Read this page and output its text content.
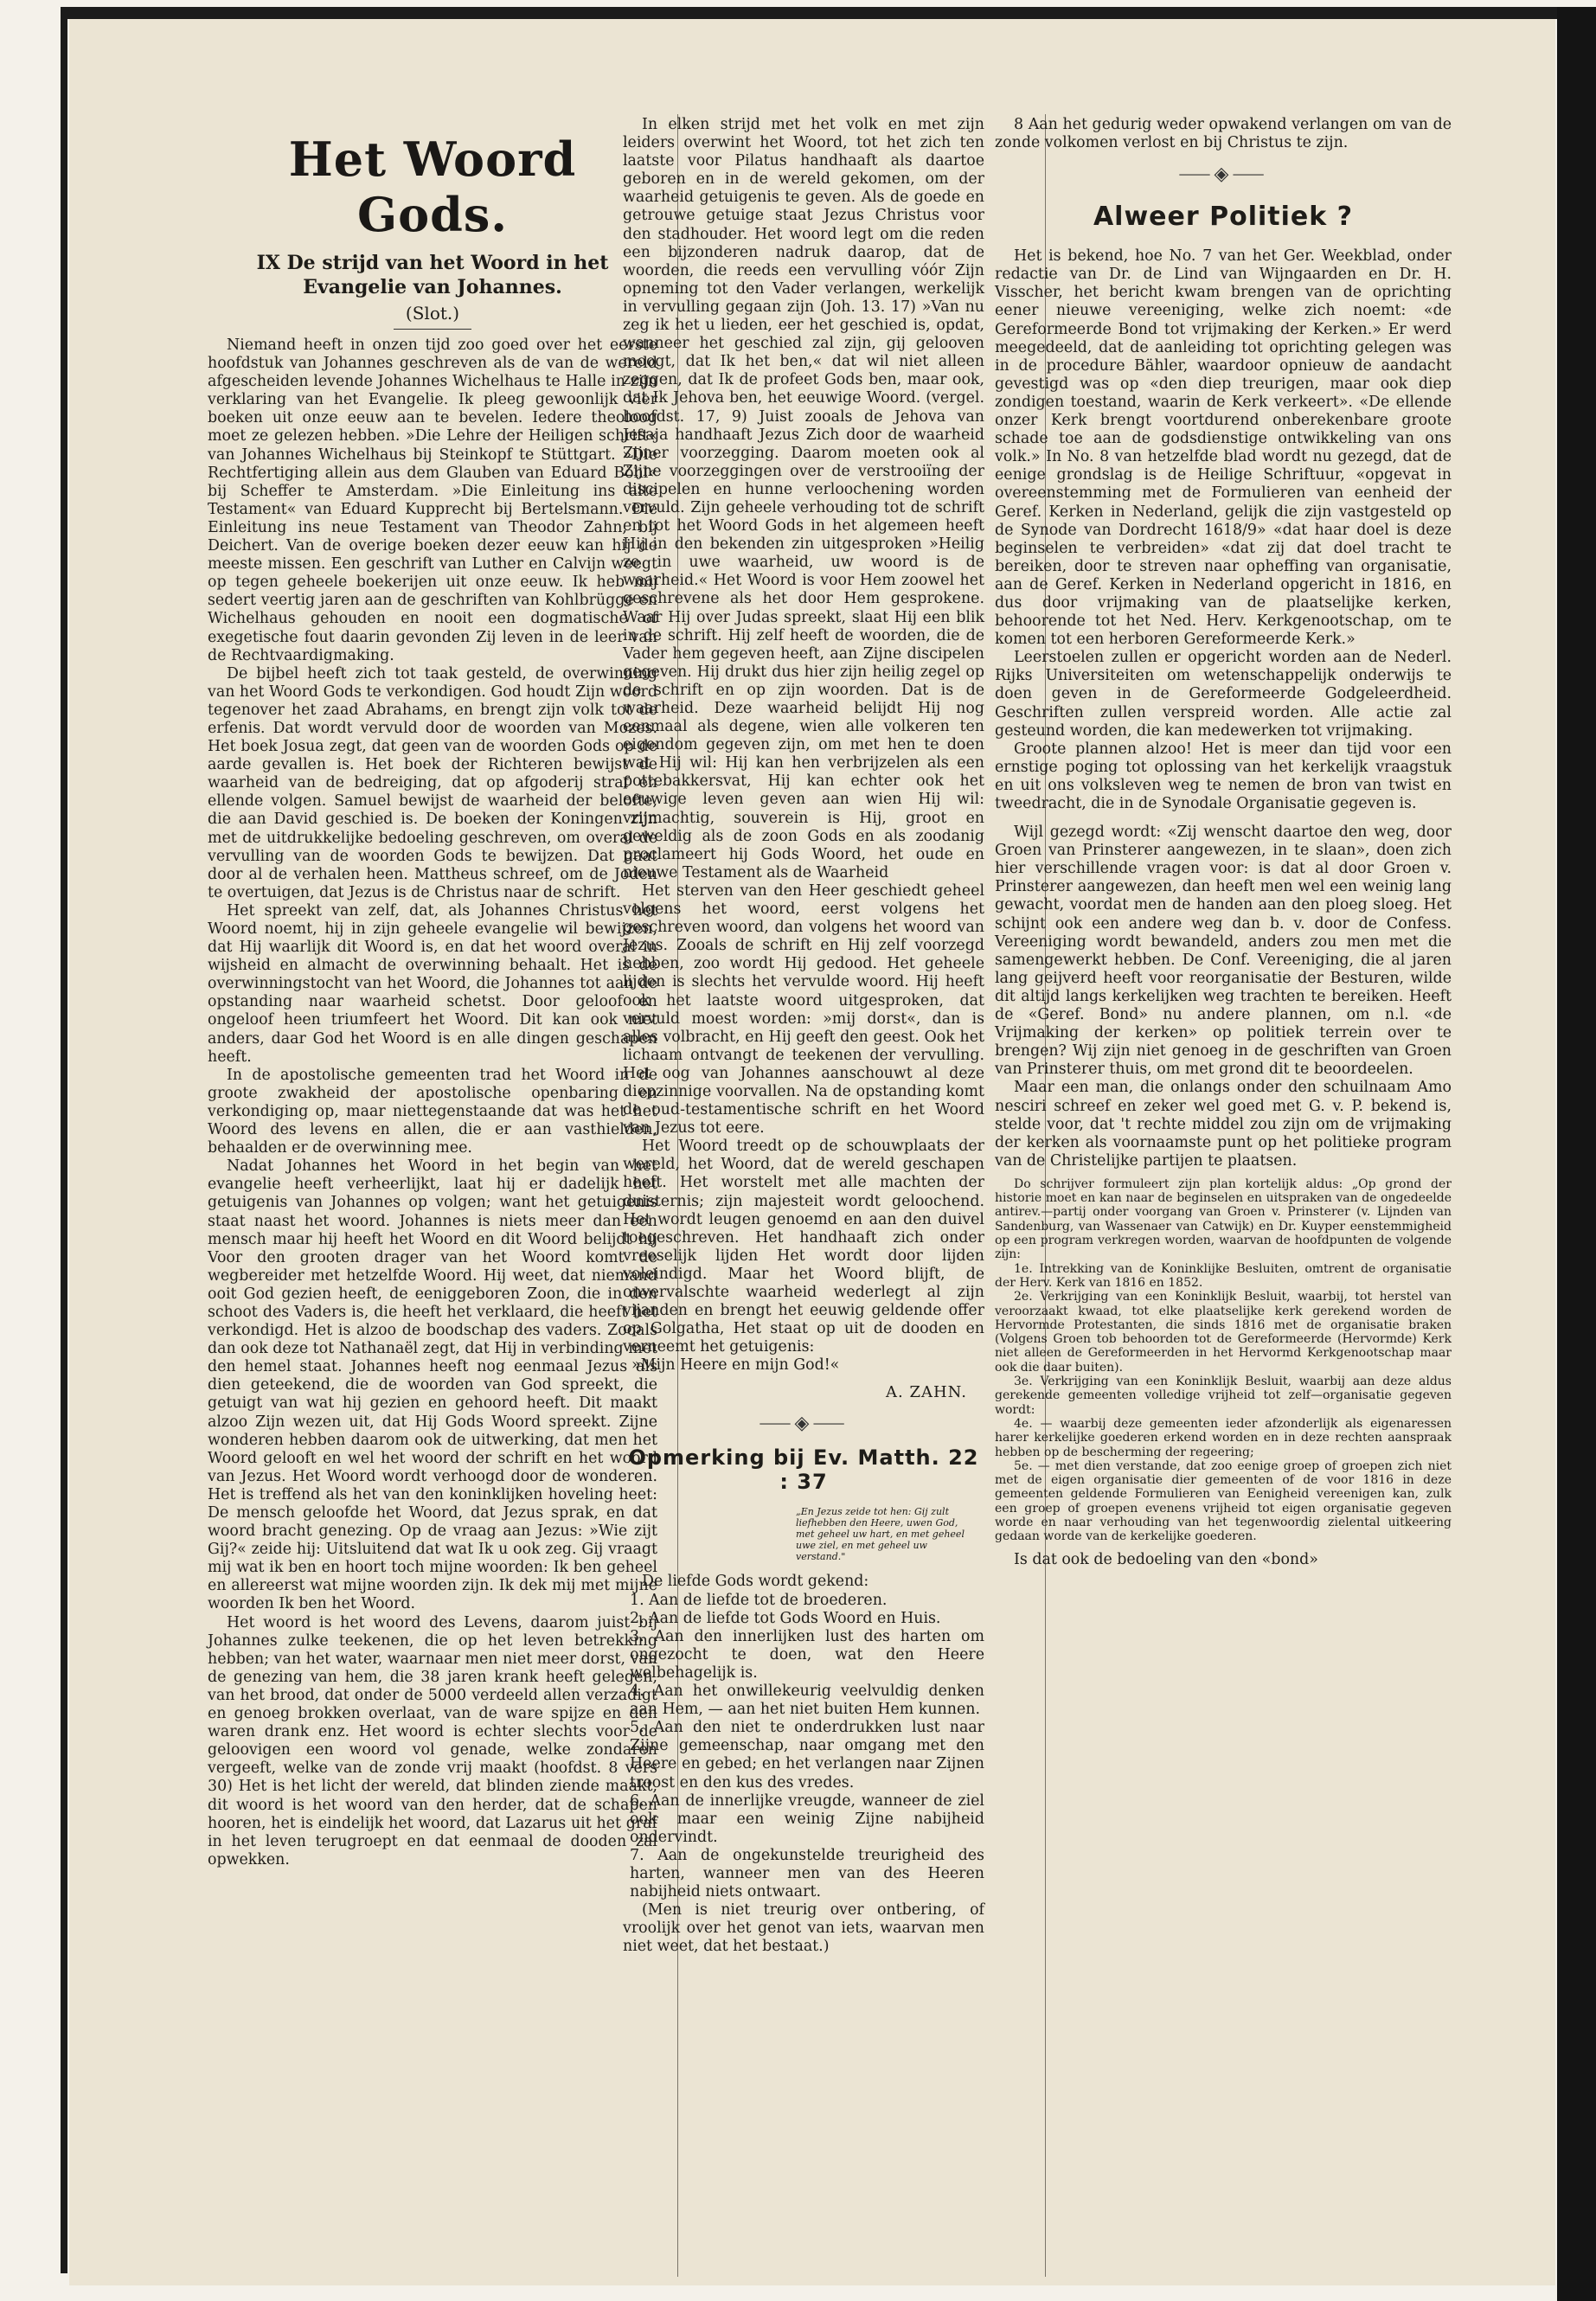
Het Woord Gods.
IX De strijd van het Woord in het Evangelie van Johannes.
(Slot.)

Niemand heeft in onzen tijd zoo goed over het eerste hoofdstuk van Johannes geschreven als de van de wereld afgescheiden levende Johannes Wichelhaus te Halle in zijn verklaring van het Evangelie. Ik pleeg gewoonlijk vier boeken uit onze eeuw aan te bevelen. Iedere theoloog moet ze gelezen hebben. »Die Lehre der Heiligen schrift« van Johannes Wichelhaus bij Steinkopf te Stüttgart. »Die Rechtfertiging allein aus dem Glauben van Eduard Böhl« bij Scheffer te Amsterdam. »Die Einleitung ins alte Testament« van Eduard Kupprecht bij Bertelsmann. Die Einleitung ins neue Testament van Theodor Zahn, bij Deichert. Van de overige boeken dezer eeuw kan hij de meeste missen. Een geschrift van Luther en Calvijn weegt op tegen geheele boekerijen uit onze eeuw. Ik heb mij sedert veertig jaren aan de geschriften van Kohlbrügge en Wichelhaus gehouden en nooit een dogmatische of exegetische fout daarin gevonden Zij leven in de leer van de Rechtvaardigmaking.

De bijbel heeft zich tot taak gesteld, de overwinning van het Woord Gods te verkondigen. God houdt Zijn woord tegenover het zaad Abrahams, en brengt zijn volk tot de erfenis. Dat wordt vervuld door de woorden van Mozes. Het boek Josua zegt, dat geen van de woorden Gods op de aarde gevallen is. Het boek der Richteren bewijst de waarheid van de bedreiging, dat op afgoderij straf en ellende volgen. Samuel bewijst de waarheid der belofte, die aan David geschied is. De boeken der Koningen zijn met de uitdrukkelijke bedoeling geschreven, om overal de vervulling van de woorden Gods te bewijzen. Dat gaat door al de verhalen heen. Mattheus schreef, om de Joden te overtuigen, dat Jezus is de Christus naar de schrift.

Het spreekt van zelf, dat, als Johannes Christus het Woord noemt, hij in zijn geheele evangelie wil bewijzen, dat Hij waarlijk dit Woord is, en dat het woord overal in wijsheid en almacht de overwinning behaalt. Het is de overwinningstocht van het Woord, die Johannes tot aan de opstanding naar waarheid schetst. Door geloof en ongeloof heen triumfeert het Woord. Dit kan ook niet anders, daar God het Woord is en alle dingen geschapen heeft.

In de apostolische gemeenten trad het Woord in de groote zwakheid der apostolische openbaring en verkondiging op, maar niettegenstaande dat was het het Woord des levens en allen, die er aan vasthielden, behaalden er de overwinning mee.

Nadat Johannes het Woord in het begin van het evangelie heeft verheerlijkt, laat hij er dadelijk het getuigenis van Johannes op volgen; want het getuigenis staat naast het woord. Johannes is niets meer dan een mensch maar hij heeft het Woord en dit Woord belijdt hij Voor den grooten drager van het Woord komt de wegbereider met hetzelfde Woord. Hij weet, dat niemand ooit God gezien heeft, de eeniggeboren Zoon, die in den schoot des Vaders is, die heeft het verklaard, die heeft het verkondigd. Het is alzoo de boodschap des vaders. Zooals dan ook deze tot Nathanaël zegt, dat Hij in verbinding met den hemel staat. Johannes heeft nog eenmaal Jezus als dien geteekend, die de woorden van God spreekt, die getuigt van wat hij gezien en gehoord heeft. Dit maakt alzoo Zijn wezen uit, dat Hij Gods Woord spreekt. Zijne wonderen hebben daarom ook de uitwerking, dat men het Woord gelooft en wel het woord der schrift en het woord van Jezus. Het Woord wordt verhoogd door de wonderen. Het is treffend als het van den koninklijken hoveling heet: De mensch geloofde het Woord, dat Jezus sprak, en dat woord bracht genezing. Op de vraag aan Jezus: »Wie zijt Gij?« zeide hij: Uitsluitend dat wat Ik u ook zeg. Gij vraagt mij wat ik ben en hoort toch mijne woorden: Ik ben geheel en allereerst wat mijne woorden zijn. Ik dek mij met mijne woorden Ik ben het Woord.

Het woord is het woord des Levens, daarom juist bij Johannes zulke teekenen, die op het leven betrekking hebben; van het water, waarnaar men niet meer dorst, van de genezing van hem, die 38 jaren krank heeft gelegen, van het brood, dat onder de 5000 verdeeld allen verzadigt en genoeg brokken overlaat, van de ware spijze en den waren drank enz. Het woord is echter slechts voor de geloovigen een woord vol genade, welke zondaren vergeeft, welke van de zonde vrij maakt (hoofdst. 8 vers 30) Het is het licht der wereld, dat blinden ziende maakt, dit woord is het woord van den herder, dat de schapen hooren, het is eindelijk het woord, dat Lazarus uit het graf in het leven terugroept en dat eenmaal de dooden zal opwekken.

In elken strijd met het volk en met zijn leiders overwint het Woord, tot het zich ten laatste voor Pilatus handhaaft als daartoe geboren en in de wereld gekomen, om der waarheid getuigenis te geven. Als de goede en getrouwe getuige staat Jezus Christus voor den stadhouder. Het woord legt om die reden een bijzonderen nadruk daarop, dat de woorden, die reeds een vervulling vóór Zijn opneming tot den Vader verlangen, werkelijk in vervulling gegaan zijn (Joh. 13. 17) »Van nu zeg ik het u lieden, eer het geschied is, opdat, wanneer het geschied zal zijn, gij gelooven moogt, dat Ik het ben,« dat wil niet alleen zeggen, dat Ik de profeet Gods ben, maar ook, dat Ik Jehova ben, het eeuwige Woord. (vergel. hoofdst. 17, 9) Juist zooals de Jehova van Jesaja handhaaft Jezus Zich door de waarheid Zijner voorzegging. Daarom moeten ook al Zijne voorzeggingen over de verstrooiïng der discipelen en hunne verloochening worden vervuld. Zijn geheele verhouding tot de schrift en tot het Woord Gods in het algemeen heeft Hij in den bekenden zin uitgesproken »Heilig ze in uwe waarheid, uw woord is de waarheid.« Het Woord is voor Hem zoowel het geschrevene als het door Hem gesprokene. Waar Hij over Judas spreekt, slaat Hij een blik in de schrift. Hij zelf heeft de woorden, die de Vader hem gegeven heeft, aan Zijne discipelen gegeven. Hij drukt dus hier zijn heilig zegel op de schrift en op zijn woorden. Dat is de waarheid. Deze waarheid belijdt Hij nog eenmaal als degene, wien alle volkeren ten eigendom gegeven zijn, om met hen te doen wat Hij wil: Hij kan hen verbrijzelen als een pottebakkersvat, Hij kan echter ook het eeuwige leven geven aan wien Hij wil: vrijmachtig, souverein is Hij, groot en geweldig als de zoon Gods en als zoodanig proclameert hij Gods Woord, het oude en nieuwe Testament als de Waarheid

Het sterven van den Heer geschiedt geheel volgens het woord, eerst volgens het geschreven woord, dan volgens het woord van Jezus. Zooals de schrift en Hij zelf voorzegd hebben, zoo wordt Hij gedood. Het geheele lijden is slechts het vervulde woord. Hij heeft ook het laatste woord uitgesproken, dat vervuld moest worden: »mij dorst«, dan is alles volbracht, en Hij geeft den geest. Ook het lichaam ontvangt de teekenen der vervulling. Het oog van Johannes aanschouwt al deze diepzinnige voorvallen. Na de opstanding komt de oud-testamentische schrift en het Woord van Jezus tot eere.

Het Woord treedt op de schouwplaats der wereld, het Woord, dat de wereld geschapen heeft. Het worstelt met alle machten der duisternis; zijn majesteit wordt geloochend. Het wordt leugen genoemd en aan den duivel toegeschreven. Het handhaaft zich onder vreeselijk lijden Het wordt door lijden voleindigd. Maar het Woord blijft, de onvervalschte waarheid wederlegt al zijn vijanden en brengt het eeuwig geldende offer op Golgatha, Het staat op uit de dooden en verneemt het getuigenis:

»Mijn Heere en mijn God!«

A. ZAHN.
⸺◈⸺
Opmerking bij Ev. Matth. 22 : 37
„En Jezus zeide tot hen: Gij zult liefhebben den Heere, uwen God, met geheel uw hart, en met geheel uwe ziel, en met geheel uw verstand."

De liefde Gods wordt gekend:

1. Aan de liefde tot de broederen.

2. Aan de liefde tot Gods Woord en Huis.

3. Aan den innerlijken lust des harten om ongezocht te doen, wat den Heere welbehagelijk is.

4. Aan het onwillekeurig veelvuldig denken aan Hem, — aan het niet buiten Hem kunnen.

5. Aan den niet te onderdrukken lust naar Zijne gemeenschap, naar omgang met den Heere en gebed; en het verlangen naar Zijnen troost en den kus des vredes.

6. Aan de innerlijke vreugde, wanneer de ziel ook maar een weinig Zijne nabijheid ondervindt.

7. Aan de ongekunstelde treurigheid des harten, wanneer men van des Heeren nabijheid niets ontwaart.

(Men is niet treurig over ontbering, of vroolijk over het genot van iets, waarvan men niet weet, dat het bestaat.)

8 Aan het gedurig weder opwakend verlangen om van de zonde volkomen verlost en bij Christus te zijn.

⸺◈⸺
Alweer Politiek ?

Het is bekend, hoe No. 7 van het Ger. Weekblad, onder redactie van Dr. de Lind van Wijngaarden en Dr. H. Visscher, het bericht kwam brengen van de oprichting eener nieuwe vereeniging, welke zich noemt: «de Gereformeerde Bond tot vrijmaking der Kerken.» Er werd meegedeeld, dat de aanleiding tot oprichting gelegen was in de procedure Bähler, waardoor opnieuw de aandacht gevestigd was op «den diep treurigen, maar ook diep zondigen toestand, waarin de Kerk verkeert». «De ellende onzer Kerk brengt voortdurend onberekenbare groote schade toe aan de godsdienstige ontwikkeling van ons volk.» In No. 8 van hetzelfde blad wordt nu gezegd, dat de eenige grondslag is de Heilige Schriftuur, «opgevat in overeenstemming met de Formulieren van eenheid der Geref. Kerken in Nederland, gelijk die zijn vastgesteld op de Synode van Dordrecht 1618/9» «dat haar doel is deze beginselen te verbreiden» «dat zij dat doel tracht te bereiken, door te streven naar opheffing van organisatie, aan de Geref. Kerken in Nederland opgericht in 1816, en dus door vrijmaking van de plaatselijke kerken, behoorende tot het Ned. Herv. Kerkgenootschap, om te komen tot een herboren Gereformeerde Kerk.»

Leerstoelen zullen er opgericht worden aan de Nederl. Rijks Universiteiten om wetenschappelijk onderwijs te doen geven in de Gereformeerde Godgeleerdheid. Geschriften zullen verspreid worden. Alle actie zal gesteund worden, die kan medewerken tot vrijmaking.

Groote plannen alzoo! Het is meer dan tijd voor een ernstige poging tot oplossing van het kerkelijk vraagstuk en uit ons volksleven weg te nemen de bron van twist en tweedracht, die in de Synodale Organisatie gegeven is.

Wijl gezegd wordt: «Zij wenscht daartoe den weg, door Groen van Prinsterer aangewezen, in te slaan», doen zich hier verschillende vragen voor: is dat al door Groen v. Prinsterer aangewezen, dan heeft men wel een weinig lang gewacht, voordat men de handen aan den ploeg sloeg. Het schijnt ook een andere weg dan b. v. door de Confess. Vereeniging wordt bewandeld, anders zou men met die samengewerkt hebben. De Conf. Vereeniging, die al jaren lang geijverd heeft voor reorganisatie der Besturen, wilde dit altijd langs kerkelijken weg trachten te bereiken. Heeft de «Geref. Bond» nu andere plannen, om n.l. «de Vrijmaking der kerken» op politiek terrein over te brengen? Wij zijn niet genoeg in de geschriften van Groen van Prinsterer thuis, om met grond dit te beoordeelen.

Maar een man, die onlangs onder den schuilnaam Amo nesciri schreef en zeker wel goed met G. v. P. bekend is, stelde voor, dat 't rechte middel zou zijn om de vrijmaking der kerken als voornaamste punt op het politieke program van de Christelijke partijen te plaatsen.

Do schrijver formuleert zijn plan kortelijk aldus: „Op grond der historie moet en kan naar de beginselen en uitspraken van de ongedeelde antirev.—partij onder voorgang van Groen v. Prinsterer (v. Lijnden van Sandenburg, van Wassenaer van Catwijk) en Dr. Kuyper eenstemmigheid op een program verkregen worden, waarvan de hoofdpunten de volgende zijn:

1e. Intrekking van de Koninklijke Besluiten, omtrent de organisatie der Herv. Kerk van 1816 en 1852.

2e. Verkrijging van een Koninklijk Besluit, waarbij, tot herstel van veroorzaakt kwaad, tot elke plaatselijke kerk gerekend worden de Hervormde Protestanten, die sinds 1816 met de organisatie braken (Volgens Groen tob behoorden tot de Gereformeerde (Hervormde) Kerk niet alleen de Gereformeerden in het Hervormd Kerkgenootschap maar ook die daar buiten).

3e. Verkrijging van een Koninklijk Besluit, waarbij aan deze aldus gerekende gemeenten volledige vrijheid tot zelf—organisatie gegeven wordt:

4e. — waarbij deze gemeenten ieder afzonderlijk als eigenaressen harer kerkelijke goederen erkend worden en in deze rechten aanspraak hebben op de bescherming der regeering;

5e. — met dien verstande, dat zoo eenige groep of groepen zich niet met de eigen organisatie dier gemeenten of de voor 1816 in deze gemeenten geldende Formulieren van Eenigheid vereenigen kan, zulk een groep of groepen evenens vrijheid tot eigen organisatie gegeven worde en naar verhouding van het tegenwoordig zielental uitkeering gedaan worde van de kerkelijke goederen.

Is dat ook de bedoeling van den «bond»
